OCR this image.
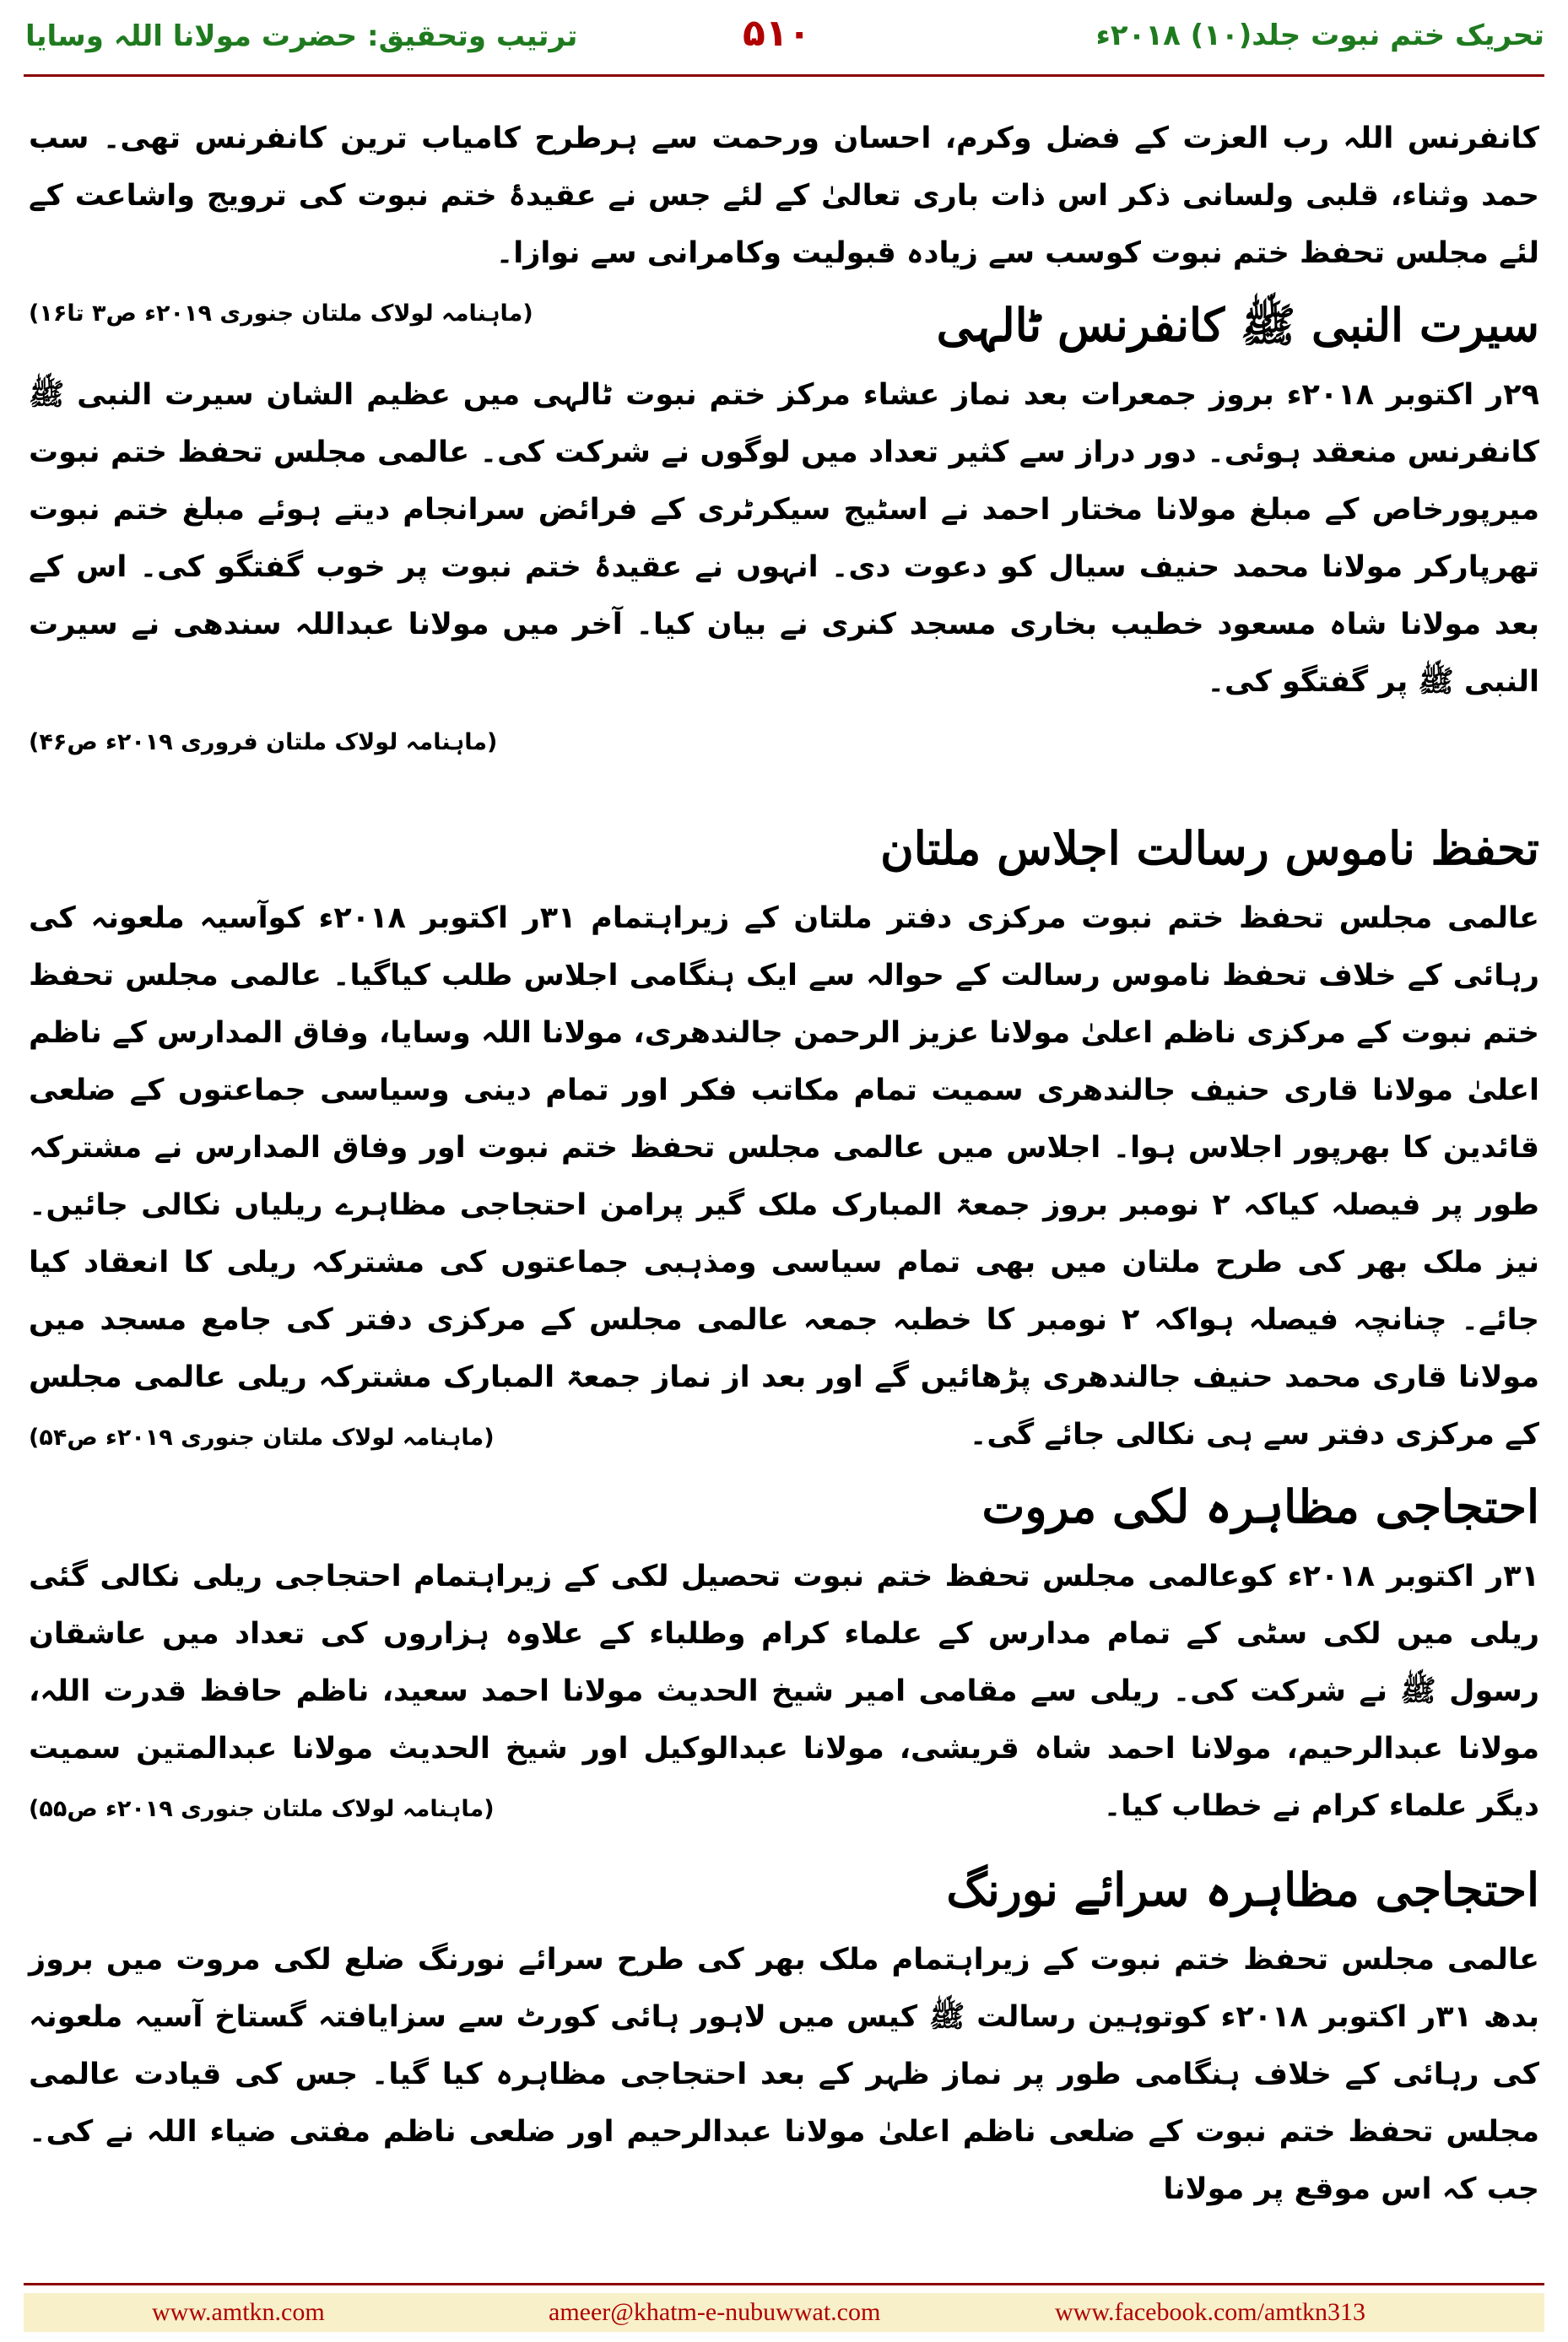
ترتیب وتحقیق: حضرت مولانا اللہ وسایا	۵۱۰	تحریک ختم نبوت جلد(۱۰) ۲۰۱۸ء

کانفرنس اللہ رب العزت کے فضل وکرم، احسان ورحمت سے ہرطرح کامیاب ترین کانفرنس تھی۔ سب حمد وثناء، قلبی ولسانی ذکر اس ذات باری تعالیٰ کے لئے جس نے عقیدۂ ختم نبوت کی ترویج واشاعت کے لئے مجلس تحفظ ختم نبوت کوسب سے زیادہ قبولیت وکامرانی سے نوازا۔
(ماہنامہ لولاک ملتان جنوری ۲۰۱۹ء ص۳ تا۱۶)	سیرت النبی ﷺ کانفرنس ٹالہی

۲۹ر اکتوبر ۲۰۱۸ء بروز جمعرات بعد نماز عشاء مرکز ختم نبوت ٹالہی میں عظیم الشان سیرت النبی ﷺ کانفرنس منعقد ہوئی۔ دور دراز سے کثیر تعداد میں لوگوں نے شرکت کی۔ عالمی مجلس تحفظ ختم نبوت میرپورخاص کے مبلغ مولانا مختار احمد نے اسٹیج سیکرٹری کے فرائض سرانجام دیتے ہوئے مبلغ ختم نبوت تھرپارکر مولانا محمد حنیف سیال کو دعوت دی۔ انہوں نے عقیدۂ ختم نبوت پر خوب گفتگو کی۔ اس کے بعد مولانا شاہ مسعود خطیب بخاری مسجد کنری نے بیان کیا۔ آخر میں مولانا عبداللہ سندھی نے سیرت النبی ﷺ پر گفتگو کی۔

(ماہنامہ لولاک ملتان فروری ۲۰۱۹ء ص۴۶)
تحفظ ناموس رسالت اجلاس ملتان

عالمی مجلس تحفظ ختم نبوت مرکزی دفتر ملتان کے زیراہتمام ۳۱ر اکتوبر ۲۰۱۸ء کوآسیہ ملعونہ کی رہائی کے خلاف تحفظ ناموس رسالت کے حوالہ سے ایک ہنگامی اجلاس طلب کیاگیا۔ عالمی مجلس تحفظ ختم نبوت کے مرکزی ناظم اعلیٰ مولانا عزیز الرحمن جالندھری، مولانا اللہ وسایا، وفاق المدارس کے ناظم اعلیٰ مولانا قاری حنیف جالندھری سمیت تمام مکاتب فکر اور تمام دینی وسیاسی جماعتوں کے ضلعی قائدین کا بھرپور اجلاس ہوا۔ اجلاس میں عالمی مجلس تحفظ ختم نبوت اور وفاق المدارس نے مشترکہ طور پر فیصلہ کیاکہ ۲ نومبر بروز جمعۃ المبارک ملک گیر پرامن احتجاجی مظاہرے ریلیاں نکالی جائیں۔ نیز ملک بھر کی طرح ملتان میں بھی تمام سیاسی ومذہبی جماعتوں کی مشترکہ ریلی کا انعقاد کیا جائے۔ چنانچہ فیصلہ ہواکہ ۲ نومبر کا خطبہ جمعہ عالمی مجلس کے مرکزی دفتر کی جامع مسجد میں مولانا قاری محمد حنیف جالندھری پڑھائیں گے اور بعد از نماز جمعۃ المبارک مشترکہ ریلی عالمی مجلس کے مرکزی دفتر سے ہی نکالی جائے گی۔
(ماہنامہ لولاک ملتان جنوری ۲۰۱۹ء ص۵۴)

احتجاجی مظاہرہ لکی مروت

۳۱ر اکتوبر ۲۰۱۸ء کوعالمی مجلس تحفظ ختم نبوت تحصیل لکی کے زیراہتمام احتجاجی ریلی نکالی گئی ریلی میں لکی سٹی کے تمام مدارس کے علماء کرام وطلباء کے علاوہ ہزاروں کی تعداد میں عاشقان رسول ﷺ نے شرکت کی۔ ریلی سے مقامی امیر شیخ الحدیث مولانا احمد سعید، ناظم حافظ قدرت اللہ، مولانا عبدالرحیم، مولانا احمد شاہ قریشی، مولانا عبدالوکیل اور شیخ الحدیث مولانا عبدالمتین سمیت دیگر علماء کرام نے خطاب کیا۔
(ماہنامہ لولاک ملتان جنوری ۲۰۱۹ء ص۵۵)

احتجاجی مظاہرہ سرائے نورنگ

عالمی مجلس تحفظ ختم نبوت کے زیراہتمام ملک بھر کی طرح سرائے نورنگ ضلع لکی مروت میں بروز بدھ ۳۱ر اکتوبر ۲۰۱۸ء کوتوہین رسالت ﷺ کیس میں لاہور ہائی کورٹ سے سزایافتہ گستاخ آسیہ ملعونہ کی رہائی کے خلاف ہنگامی طور پر نماز ظہر کے بعد احتجاجی مظاہرہ کیا گیا۔ جس کی قیادت عالمی مجلس تحفظ ختم نبوت کے ضلعی ناظم اعلیٰ مولانا عبدالرحیم اور ضلعی ناظم مفتی ضیاء اللہ نے کی۔ جب کہ اس موقع پر مولانا

www.amtkn.com	ameer@khatm-e-nubuwwat.com	www.facebook.com/amtkn313
